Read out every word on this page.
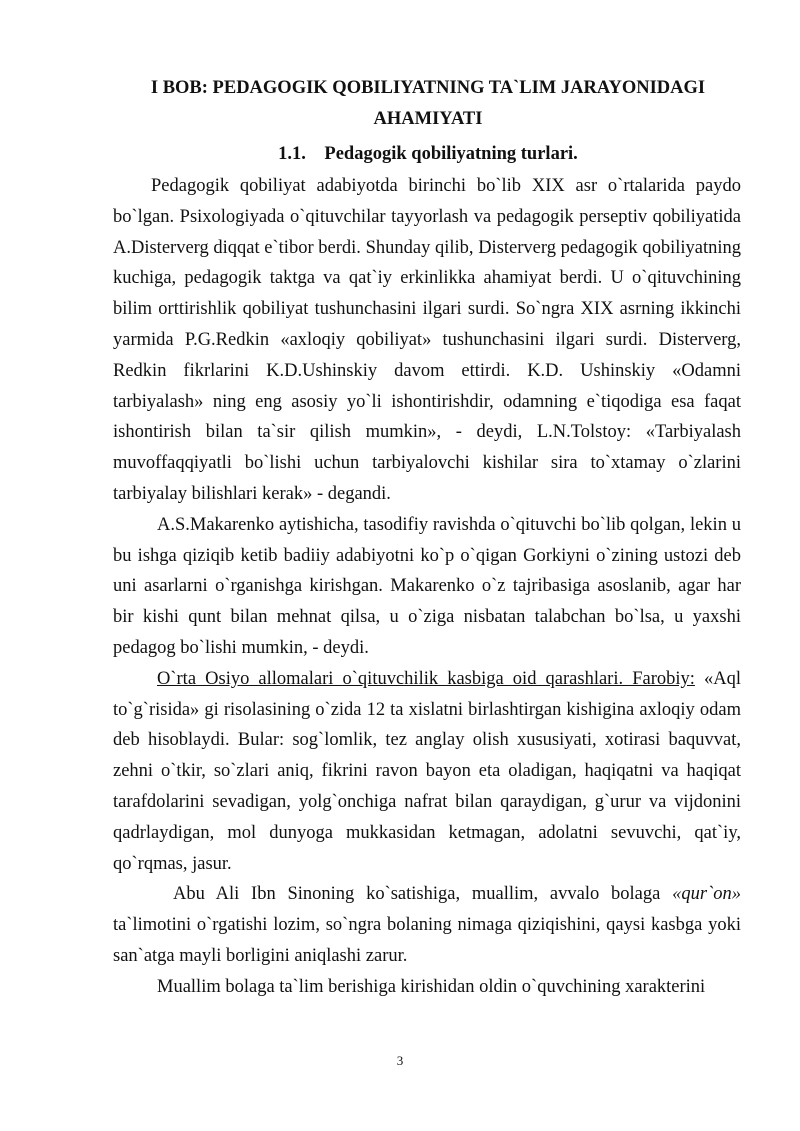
I BOB: PEDAGOGIK QOBILIYATNING TA`LIM JARAYONIDAGI
AHAMIYATI
1.1.    Pedagogik qobiliyatning turlari.

Pedagogik qobiliyat adabiyotda birinchi bo`lib XIX asr o`rtalarida paydo bo`lgan. Psixologiyada o`qituvchilar tayyorlash va pedagogik perseptiv qobiliyatida A.Disterverg diqqat e`tibor berdi. Shunday qilib, Disterverg pedagogik qobiliyatning kuchiga, pedagogik taktga va qat`iy erkinlikka ahamiyat berdi. U o`qituvchining bilim orttirishlik qobiliyat tushunchasini ilgari surdi. So`ngra XIX asrning ikkinchi yarmida P.G.Redkin «axloqiy qobiliyat» tushunchasini ilgari surdi. Disterverg, Redkin fikrlarini K.D.Ushinskiy davom ettirdi. K.D. Ushinskiy «Odamni tarbiyalash» ning eng asosiy yo`li ishontirishdir, odamning e`tiqodiga esa faqat ishontirish bilan ta`sir qilish mumkin», - deydi, L.N.Tolstoy: «Tarbiyalash muvoffaqqiyatli bo`lishi uchun tarbiyalovchi kishilar sira to`xtamay o`zlarini tarbiyalay bilishlari kerak» - degandi.

A.S.Makarenko aytishicha, tasodifiy ravishda o`qituvchi bo`lib qolgan, lekin u bu ishga qiziqib ketib badiiy adabiyotni ko`p o`qigan Gorkiyni o`zining ustozi deb uni asarlarni o`rganishga kirishgan. Makarenko o`z tajribasiga asoslanib, agar har bir kishi qunt bilan mehnat qilsa, u o`ziga nisbatan talabchan bo`lsa, u yaxshi pedagog bo`lishi mumkin, - deydi.

O`rta Osiyo allomalari o`qituvchilik kasbiga oid qarashlari. Farobiy: «Aql to`g`risida» gi risolasining o`zida 12 ta xislatni birlashtirgan kishigina axloqiy odam deb hisoblaydi. Bular: sog`lomlik, tez anglay olish xususiyati, xotirasi baquvvat, zehni o`tkir, so`zlari aniq, fikrini ravon bayon eta oladigan, haqiqatni va haqiqat tarafdolarini sevadigan, yolg`onchiga nafrat bilan qaraydigan, g`urur va vijdonini qadrlaydigan, mol dunyoga mukkasidan ketmagan, adolatni sevuvchi, qat`iy, qo`rqmas, jasur.

Abu Ali Ibn Sinoning ko`satishiga, muallim, avvalo bolaga «qur`on» ta`limotini o`rgatishi lozim, so`ngra bolaning nimaga qiziqishini, qaysi kasbga yoki san`atga mayli borligini aniqlashi zarur.

Muallim bolaga ta`lim berishiga kirishidan oldin o`quvchining xarakterini

3
